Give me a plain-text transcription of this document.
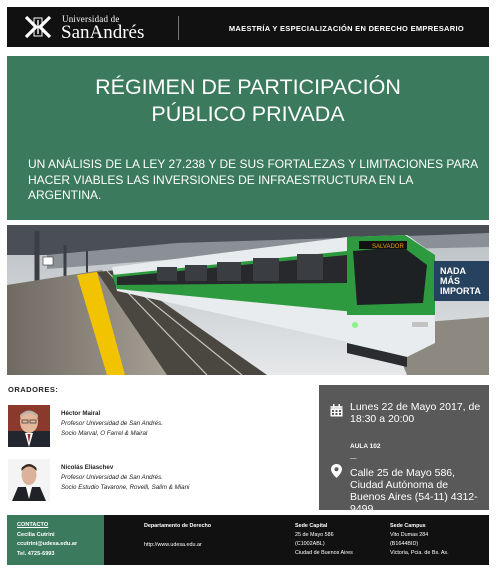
Universidad de
SanAndrés	MAESTRÍA Y ESPECIALIZACIÓN EN DERECHO EMPRESARIO
RÉGIMEN DE PARTICIPACIÓN
PÚBLICO PRIVADA
UN ANÁLISIS DE LA LEY 27.238 Y DE SUS FORTALEZAS Y LIMITACIONES PARA HACER VIABLES LAS INVERSIONES DE INFRAESTRUCTURA EN LA ARGENTINA.
SALVADOR
NADA
MÁS
IMPORTA
ORADORES:
Héctor Mairal
Profesor Universidad de San Andrés.
Socio Marval, O Farrel & Mairal
Nicolás Eliaschev
Profesor Universidad de San Andrés.
Socio Estudio Tavarone, Rovelli, Salim & Miani
Lunes 22 de Mayo 2017, de 18:30 a 20:00
AULA 102
—
Calle 25 de Mayo 586, Ciudad Autónoma de Buenos Aires (54-11) 4312-9499
CONTACTO
Cecilia Cutrini
ccutrini@udesa.edu.ar
Tel. 4725-6993
Departamento de Derecho
http://www.udesa.edu.ar
Sede Capital
25 de Mayo 586
(C1002ABL)
Ciudad de Buenos Aires
Sede Campus
Vito Dumas 284
(B1644BID)
Victoria, Pcia. de Bs. As.
